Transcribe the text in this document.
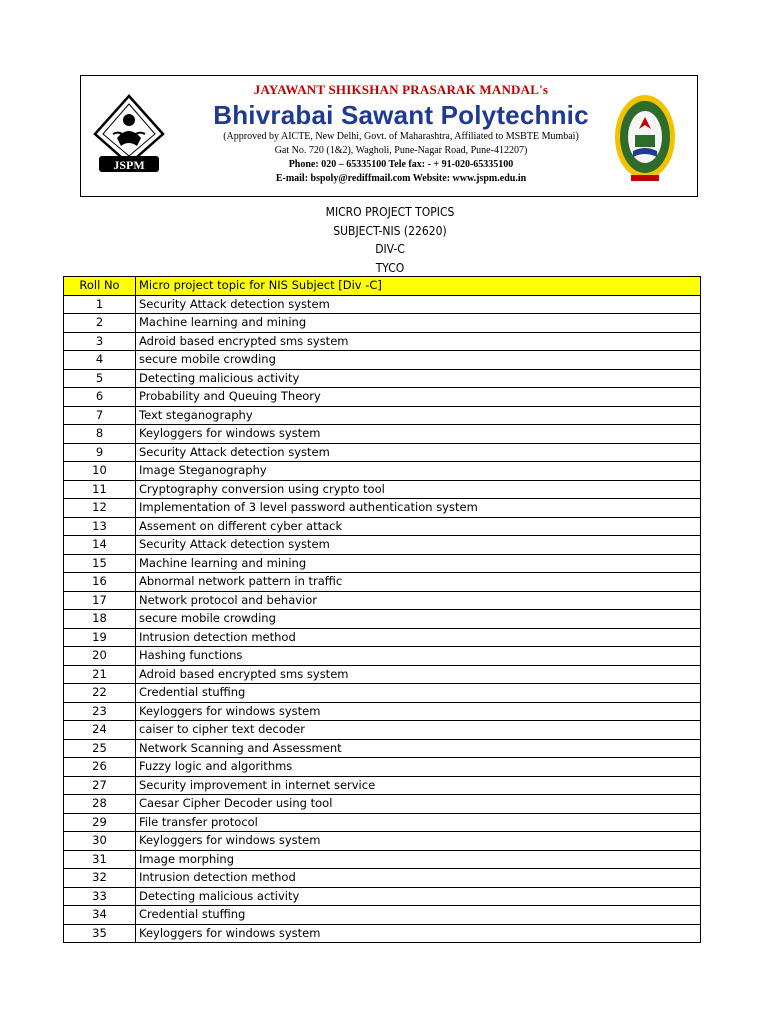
JSPM
JAYAWANT SHIKSHAN PRASARAK MANDAL's
Bhivrabai Sawant Polytechnic
(Approved by AICTE, New Delhi, Govt. of Maharashtra, Affiliated to MSBTE Mumbai)
Gat No. 720 (1&2), Wagholi, Pune-Nagar Road, Pune-412207)
Phone: 020 – 65335100 Tele fax: - + 91-020-65335100
E-mail: bspoly@rediffmail.com Website: www.jspm.edu.in
MICRO PROJECT TOPICS
SUBJECT-NIS (22620)
DIV-C
TYCO
Roll No	Micro project topic for NIS Subject [Div -C]
1	Security Attack detection system
2	Machine learning and mining
3	Adroid based encrypted sms system
4	secure mobile crowding
5	Detecting malicious activity
6	Probability and Queuing Theory
7	Text steganography
8	Keyloggers for windows system
9	Security Attack detection system
10	Image Steganography
11	Cryptography conversion using crypto tool
12	Implementation of 3 level password authentication system
13	Assement on different cyber attack
14	Security Attack detection system
15	Machine learning and mining
16	Abnormal network pattern in traffic
17	Network protocol and behavior
18	secure mobile crowding
19	Intrusion detection method
20	Hashing functions
21	Adroid based encrypted sms system
22	Credential stuffing
23	Keyloggers for windows system
24	caiser to cipher text decoder
25	Network Scanning and Assessment
26	Fuzzy logic and algorithms
27	Security improvement in internet service
28	Caesar Cipher Decoder using tool
29	File transfer protocol
30	Keyloggers for windows system
31	Image morphing
32	Intrusion detection method
33	Detecting malicious activity
34	Credential stuffing
35	Keyloggers for windows system
